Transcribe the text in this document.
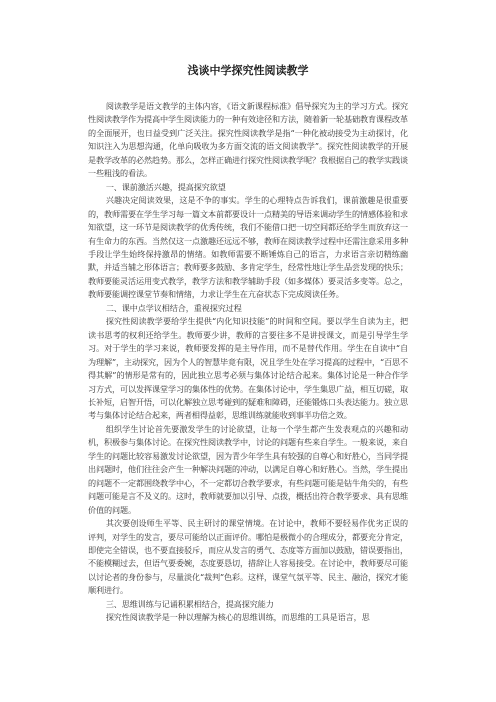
浅谈中学探究性阅读教学

阅读教学是语文教学的主体内容，《语文新课程标准》倡导探究为主的学习方式。探究性阅读教学作为提高中学生阅读能力的一种有效途径和方法，随着新一轮基础教育课程改革的全面展开，也日益受到广泛关注。探究性阅读教学是指“一种化被动接受为主动探讨，化知识注入为思想沟通，化单向吸收为多方面交流的语文阅读教学”。探究性阅读教学的开展是教学改革的必然趋势。那么，怎样正确进行探究性阅读教学呢？我根据自己的教学实践谈一些粗浅的看法。

一、课前激活兴趣，提高探究欲望

兴趣决定阅读效果，这是不争的事实。学生的心理特点告诉我们，课前激趣是很重要的，教师需要在学生学习每一篇文本前都要设计一点精美的导语来调动学生的情感体验和求知欲望，这一环节是阅读教学的优秀传统，我们不能借口把一切空间都还给学生而放弃这一有生命力的东西。当然仅这一点激趣还远远不够，教师在阅读教学过程中还需注意采用多种手段让学生始终保持激昂的情绪。如教师需要不断锤炼自己的语言，力求语言亲切精练幽默，并适当辅之形体语言；教师要多鼓励、多肯定学生，经常性地让学生品尝发现的快乐；教师要能灵活运用变式教学，教学方法和教学辅助手段（如多媒体）要灵活多变等。总之，教师要能调控课堂节奏和情绪，力求让学生在亢奋状态下完成阅读任务。

二、课中点学议相结合，重视探究过程

探究性阅读教学要给学生提供“内化知识技能”的时间和空间。要以学生自读为主，把读书思考的权利还给学生。教师要少讲，教师的言要往多不是讲授课文，而是引导学生学习。对于学生的学习来说，教师要发挥的是主导作用，而不是替代作用。学生在自读中“自为理解”，主动探究，因为个人的智慧毕竟有限，况且学生处在学习提高的过程中，“百思不得其解”的情形是常有的，因此独立思考必须与集体讨论结合起来。集体讨论是一种合作学习方式，可以发挥课堂学习的集体性的优势。在集体讨论中，学生集思广益，相互切磋，取长补短，启智开悟，可以化解独立思考碰到的疑难和障碍，还能锻炼口头表达能力。独立思考与集体讨论结合起来，两者相得益彰，思维训练就能收到事半功倍之效。

组织学生讨论首先要激发学生的讨论欲望，让每一个学生都产生发表观点的兴趣和动机，积极参与集体讨论。在探究性阅读教学中，讨论的问题有些来自学生。一般来说，来自学生的问题比较容易激发讨论欲望，因为青少年学生具有较强的自尊心和好胜心，当同学提出问题时，他们往往会产生一种解决问题的冲动，以满足自尊心和好胜心。当然，学生提出的问题不一定都围绕教学中心，不一定都切合教学要求，有些问题可能是钻牛角尖的，有些问题可能是言不及义的。这时，教师就要加以引导、点拨，概括出符合教学要求、具有思维价值的问题。

其次要创设师生平等、民主研讨的课堂情境。在讨论中，教师不要轻易作优劣正误的评判，对学生的发言，要尽可能给以正面评价。哪怕是极微小的合理成分，都要充分肯定，即使完全错误，也不要直接驳斥，而应从发言的勇气、态度等方面加以鼓励，错误要指出，不能模糊过去，但语气要委婉，态度要恳切，措辞让人容易接受。在讨论中，教师要尽可能以讨论者的身份参与，尽量淡化“裁判”色彩。这样，课堂气氛平等、民主、融洽，探究才能顺利进行。

三、思维训练与记诵积累相结合，提高探究能力

探究性阅读教学是一种以理解为核心的思维训练，而思维的工具是语言，思
